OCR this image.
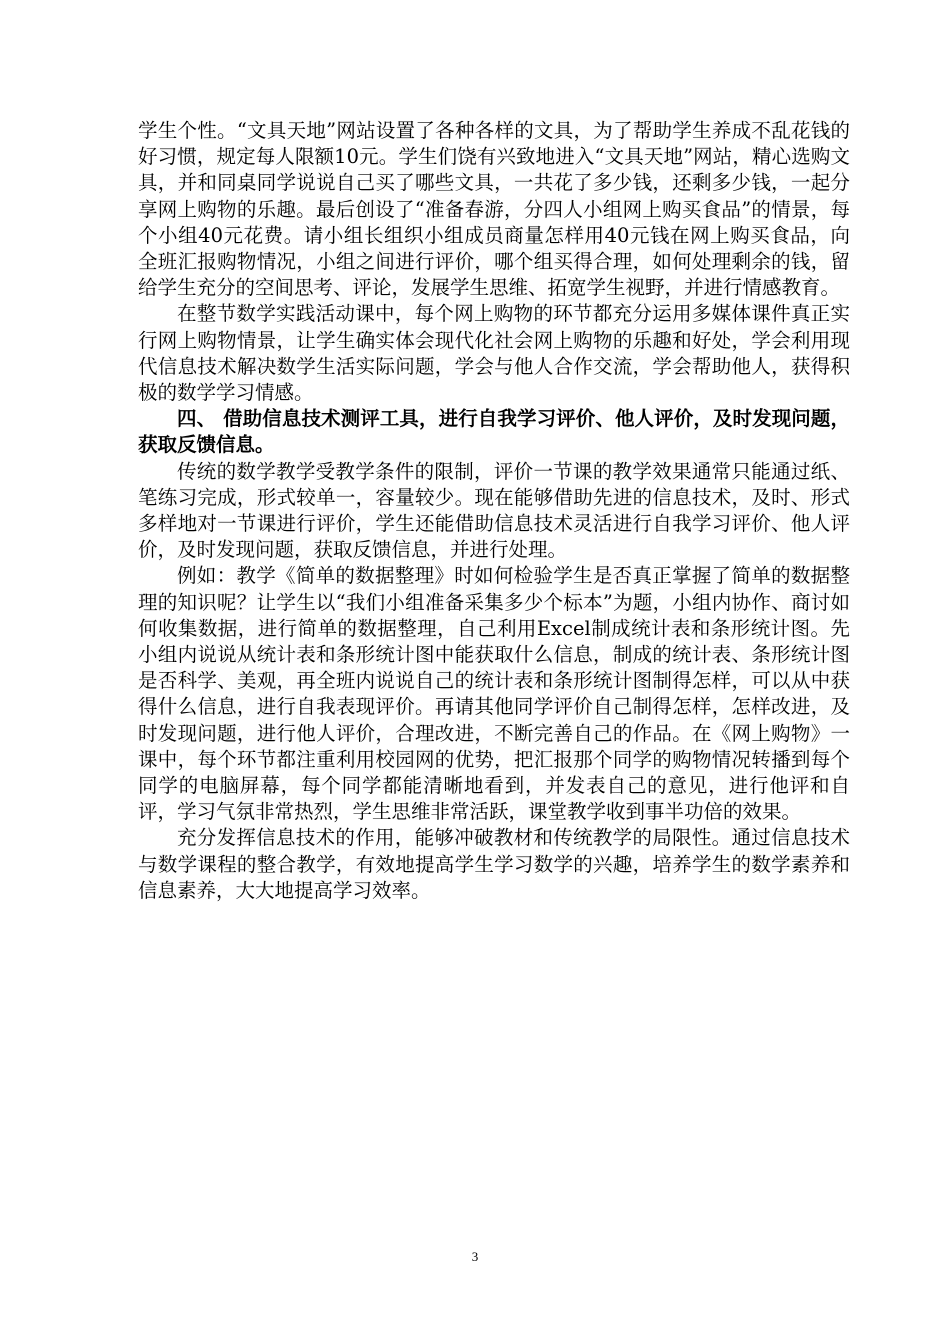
学生个性。“文具天地”网站设置了各种各样的文具，为了帮助学生养成不乱花钱的好习惯，规定每人限额10元。学生们饶有兴致地进入“文具天地”网站，精心选购文具，并和同桌同学说说自己买了哪些文具，一共花了多少钱，还剩多少钱，一起分享网上购物的乐趣。最后创设了“准备春游，分四人小组网上购买食品”的情景，每个小组40元花费。请小组长组织小组成员商量怎样用40元钱在网上购买食品，向全班汇报购物情况，小组之间进行评价，哪个组买得合理，如何处理剩余的钱，留给学生充分的空间思考、评论，发展学生思维、拓宽学生视野，并进行情感教育。

在整节数学实践活动课中，每个网上购物的环节都充分运用多媒体课件真正实行网上购物情景，让学生确实体会现代化社会网上购物的乐趣和好处，学会利用现代信息技术解决数学生活实际问题，学会与他人合作交流，学会帮助他人，获得积极的数学学习情感。

四、 借助信息技术测评工具，进行自我学习评价、他人评价，及时发现问题，获取反馈信息。

传统的数学教学受教学条件的限制，评价一节课的教学效果通常只能通过纸、笔练习完成，形式较单一，容量较少。现在能够借助先进的信息技术，及时、形式多样地对一节课进行评价，学生还能借助信息技术灵活进行自我学习评价、他人评价，及时发现问题，获取反馈信息，并进行处理。

例如：教学《简单的数据整理》时如何检验学生是否真正掌握了简单的数据整理的知识呢？让学生以“我们小组准备采集多少个标本”为题，小组内协作、商讨如何收集数据，进行简单的数据整理，自己利用Excel制成统计表和条形统计图。先小组内说说从统计表和条形统计图中能获取什么信息，制成的统计表、条形统计图是否科学、美观，再全班内说说自己的统计表和条形统计图制得怎样，可以从中获得什么信息，进行自我表现评价。再请其他同学评价自己制得怎样，怎样改进，及时发现问题，进行他人评价，合理改进，不断完善自己的作品。在《网上购物》一课中，每个环节都注重利用校园网的优势，把汇报那个同学的购物情况转播到每个同学的电脑屏幕，每个同学都能清晰地看到，并发表自己的意见，进行他评和自评，学习气氛非常热烈，学生思维非常活跃，课堂教学收到事半功倍的效果。

充分发挥信息技术的作用，能够冲破教材和传统教学的局限性。通过信息技术与数学课程的整合教学，有效地提高学生学习数学的兴趣，培养学生的数学素养和信息素养，大大地提高学习效率。

3
